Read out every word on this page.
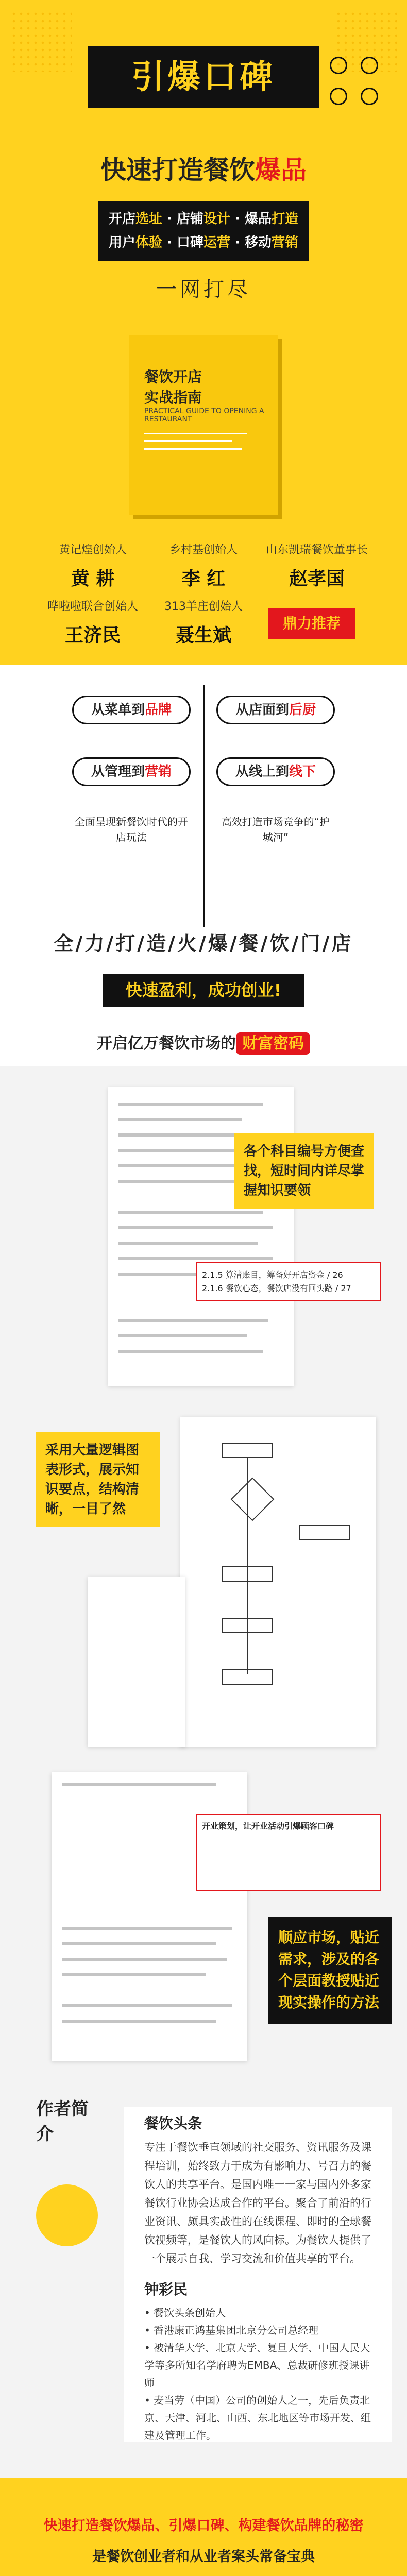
引爆口碑
快速打造餐饮爆品
开店选址 · 店铺设计 · 爆品打造
用户体验 · 口碑运营 · 移动营销
一网打尽
餐饮开店
实战指南
PRACTICAL GUIDE TO OPENING A RESTAURANT
黄记煌创始人
黄 耕
乡村基创始人
李 红
山东凯瑞餐饮董事长
赵孝国
哗啦啦联合创始人
王济民
313羊庄创始人
聂生斌
鼎力推荐
从菜单到品牌
从管理到营销
全面呈现新餐饮时代的开店玩法
从店面到后厨
从线上到线下
高效打造市场竞争的“护城河”
全/力/打/造/火/爆/餐/饮/门/店
快速盈利，成功创业!
开启亿万餐饮市场的 财富密码
各个科目编号方便查找，短时间内详尽掌握知识要领
2.1.5 算清账目，筹备好开店资金 / 26
2.1.6 餐饮心态，餐饮店没有回头路 / 27
采用大量逻辑图表形式，展示知识要点，结构清晰，一目了然
开业策划，让开业活动引爆顾客口碑
顺应市场，贴近需求，涉及的各个层面教授贴近现实操作的方法
作者简介
餐饮头条
专注于餐饮垂直领域的社交服务、资讯服务及课程培训，始终致力于成为有影响力、号召力的餐饮人的共享平台。是国内唯一一家与国内外多家餐饮行业协会达成合作的平台。聚合了前沿的行业资讯、颇具实战性的在线课程、即时的全球餐饮视频等，是餐饮人的风向标。为餐饮人提供了一个展示自我、学习交流和价值共享的平台。
钟彩民
• 餐饮头条创始人
• 香港康正鸿基集团北京分公司总经理
• 被清华大学、北京大学、复旦大学、中国人民大学等多所知名学府聘为EMBA、总裁研修班授课讲师
• 麦当劳（中国）公司的创始人之一，先后负责北京、天津、河北、山西、东北地区等市场开发、组建及管理工作。
快速打造餐饮爆品、引爆口碑、构建餐饮品牌的秘密
是餐饮创业者和从业者案头常备宝典
